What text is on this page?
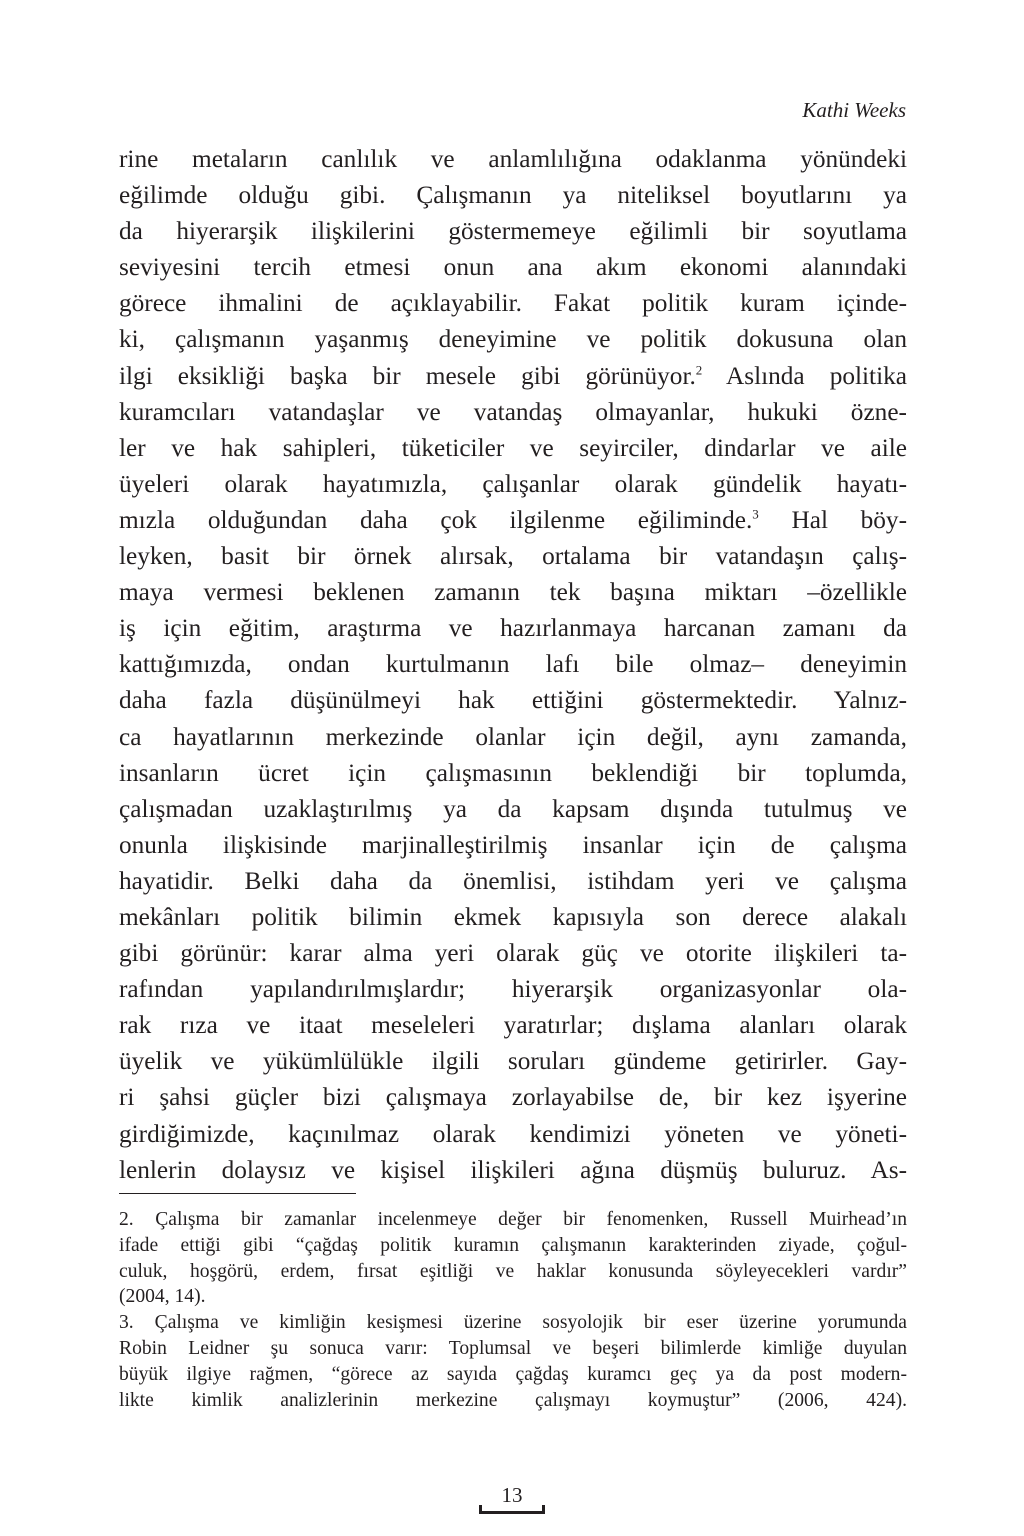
Kathi Weeks
rine metaların canlılık ve anlamlılığına odaklanma yönündeki
eğilimde olduğu gibi. Çalışmanın ya niteliksel boyutlarını ya
da hiyerarşik ilişkilerini göstermemeye eğilimli bir soyutlama
seviyesini tercih etmesi onun ana akım ekonomi alanındaki
görece ihmalini de açıklayabilir. Fakat politik kuram içinde-
ki, çalışmanın yaşanmış deneyimine ve politik dokusuna olan
ilgi eksikliği başka bir mesele gibi görünüyor.$^2$ Aslında politika
kuramcıları vatandaşlar ve vatandaş olmayanlar, hukuki özne-
ler ve hak sahipleri, tüketiciler ve seyirciler, dindarlar ve aile
üyeleri olarak hayatımızla, çalışanlar olarak gündelik hayatı-
mızla olduğundan daha çok ilgilenme eğiliminde.$^3$ Hal böy-
leyken, basit bir örnek alırsak, ortalama bir vatandaşın çalış-
maya vermesi beklenen zamanın tek başına miktarı –özellikle
iş için eğitim, araştırma ve hazırlanmaya harcanan zamanı da
kattığımızda, ondan kurtulmanın lafı bile olmaz– deneyimin
daha fazla düşünülmeyi hak ettiğini göstermektedir. Yalnız-
ca hayatlarının merkezinde olanlar için değil, aynı zamanda,
insanların ücret için çalışmasının beklendiği bir toplumda,
çalışmadan uzaklaştırılmış ya da kapsam dışında tutulmuş ve
onunla ilişkisinde marjinalleştirilmiş insanlar için de çalışma
hayatidir. Belki daha da önemlisi, istihdam yeri ve çalışma
mekânları politik bilimin ekmek kapısıyla son derece alakalı
gibi görünür: karar alma yeri olarak güç ve otorite ilişkileri ta-
rafından yapılandırılmışlardır; hiyerarşik organizasyonlar ola-
rak rıza ve itaat meseleleri yaratırlar; dışlama alanları olarak
üyelik ve yükümlülükle ilgili soruları gündeme getirirler. Gay-
ri şahsi güçler bizi çalışmaya zorlayabilse de, bir kez işyerine
girdiğimizde, kaçınılmaz olarak kendimizi yöneten ve yöneti-
lenlerin dolaysız ve kişisel ilişkileri ağına düşmüş buluruz. As-
2. Çalışma bir zamanlar incelenmeye değer bir fenomenken, Russell Muirhead’ın
ifade ettiği gibi “çağdaş politik kuramın çalışmanın karakterinden ziyade, çoğul-
culuk, hoşgörü, erdem, fırsat eşitliği ve haklar konusunda söyleyecekleri vardır”
(2004, 14).
3. Çalışma ve kimliğin kesişmesi üzerine sosyolojik bir eser üzerine yorumunda
Robin Leidner şu sonuca varır: Toplumsal ve beşeri bilimlerde kimliğe duyulan
büyük ilgiye rağmen, “görece az sayıda çağdaş kuramcı geç ya da post modern-
likte kimlik analizlerinin merkezine çalışmayı koymuştur” (2006, 424).
13
